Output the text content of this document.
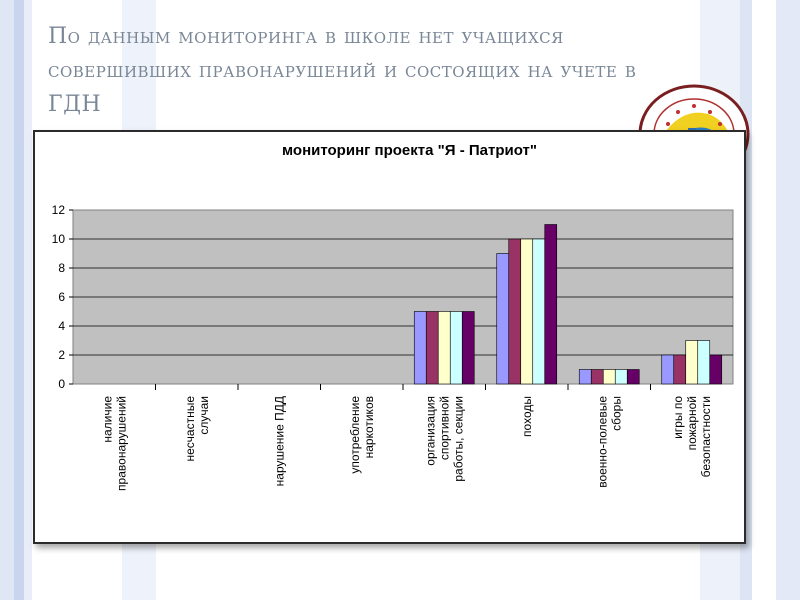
По данным мониторинга в школе нет учащихся совершивших правонарушений и состоящих на учете в ГДН
мониторинг проекта "Я - Патриот"
0
2
4
6
8
10
12
наличие правонарушений	несчастные случаи	нарушение ПДД	употребление наркотиков	организация спортивной работы, секции	походы	военно-полевые сборы	игры по пожарной безопастности
